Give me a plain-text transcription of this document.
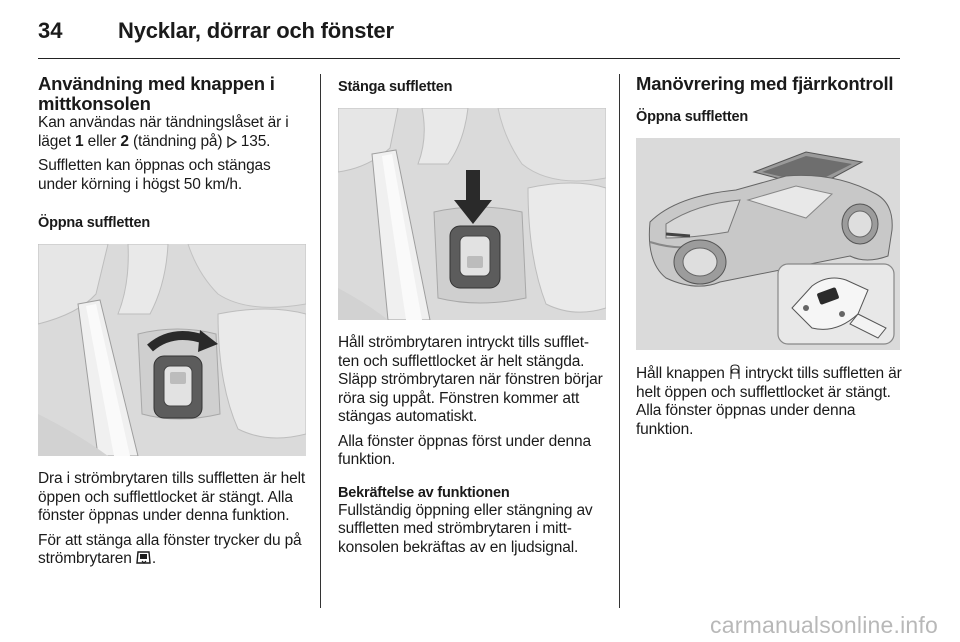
34	Nycklar, dörrar och fönster
Användning med knappen i mittkonsolen

Kan användas när tändningslåset är i läget 1 eller 2 (tändning på)  135.

Suffletten kan öppnas och stängas under körning i högst 50 km/h.

Öppna suffletten

Dra i strömbrytaren tills suffletten är helt öppen och sufflettlocket är stängt. Alla fönster öppnas under denna funktion.

För att stänga alla fönster trycker du på strömbrytaren .

Stänga suffletten

Håll strömbrytaren intryckt tills sufflet-ten och sufflettlocket är helt stängda. Släpp strömbrytaren när fönstren börjar röra sig uppåt. Fönstren kommer att stängas automatiskt.

Alla fönster öppnas först under denna funktion.

Bekräftelse av funktionen

Fullständig öppning eller stängning av suffletten med strömbrytaren i mitt-konsolen bekräftas av en ljudsignal.

Manövrering med fjärrkontroll
Öppna suffletten

Håll knappen  intryckt tills suffletten är helt öppen och sufflettlocket är stängt. Alla fönster öppnas under denna funktion.

carmanualsonline.info
